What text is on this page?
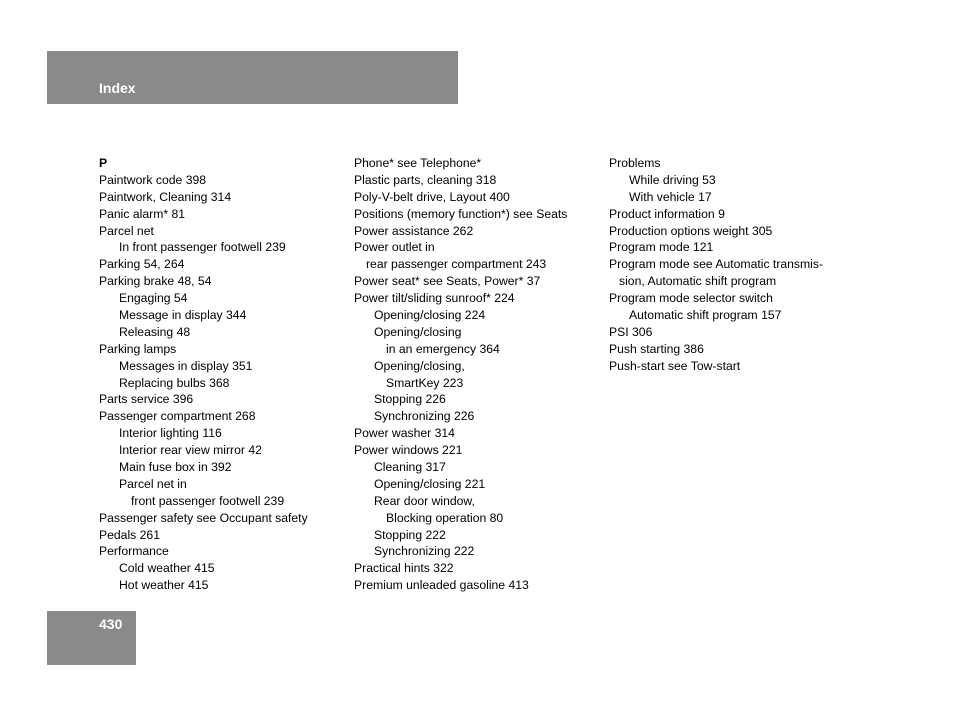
Index
P
Paintwork code 398
Paintwork, Cleaning 314
Panic alarm* 81
Parcel net
In front passenger footwell 239
Parking 54, 264
Parking brake 48, 54
Engaging 54
Message in display 344
Releasing 48
Parking lamps
Messages in display 351
Replacing bulbs 368
Parts service 396
Passenger compartment 268
Interior lighting 116
Interior rear view mirror 42
Main fuse box in 392
Parcel net in
front passenger footwell 239
Passenger safety see Occupant safety
Pedals 261
Performance
Cold weather 415
Hot weather 415
Phone* see Telephone*
Plastic parts, cleaning 318
Poly-V-belt drive, Layout 400
Positions (memory function*) see Seats
Power assistance 262
Power outlet in
rear passenger compartment 243
Power seat* see Seats, Power* 37
Power tilt/sliding sunroof* 224
Opening/closing 224
Opening/closing
in an emergency 364
Opening/closing,
SmartKey 223
Stopping 226
Synchronizing 226
Power washer 314
Power windows 221
Cleaning 317
Opening/closing 221
Rear door window,
Blocking operation 80
Stopping 222
Synchronizing 222
Practical hints 322
Premium unleaded gasoline 413
Problems
While driving 53
With vehicle 17
Product information 9
Production options weight 305
Program mode 121
Program mode see Automatic transmis-
sion, Automatic shift program
Program mode selector switch
Automatic shift program 157
PSI 306
Push starting 386
Push-start see Tow-start
430
